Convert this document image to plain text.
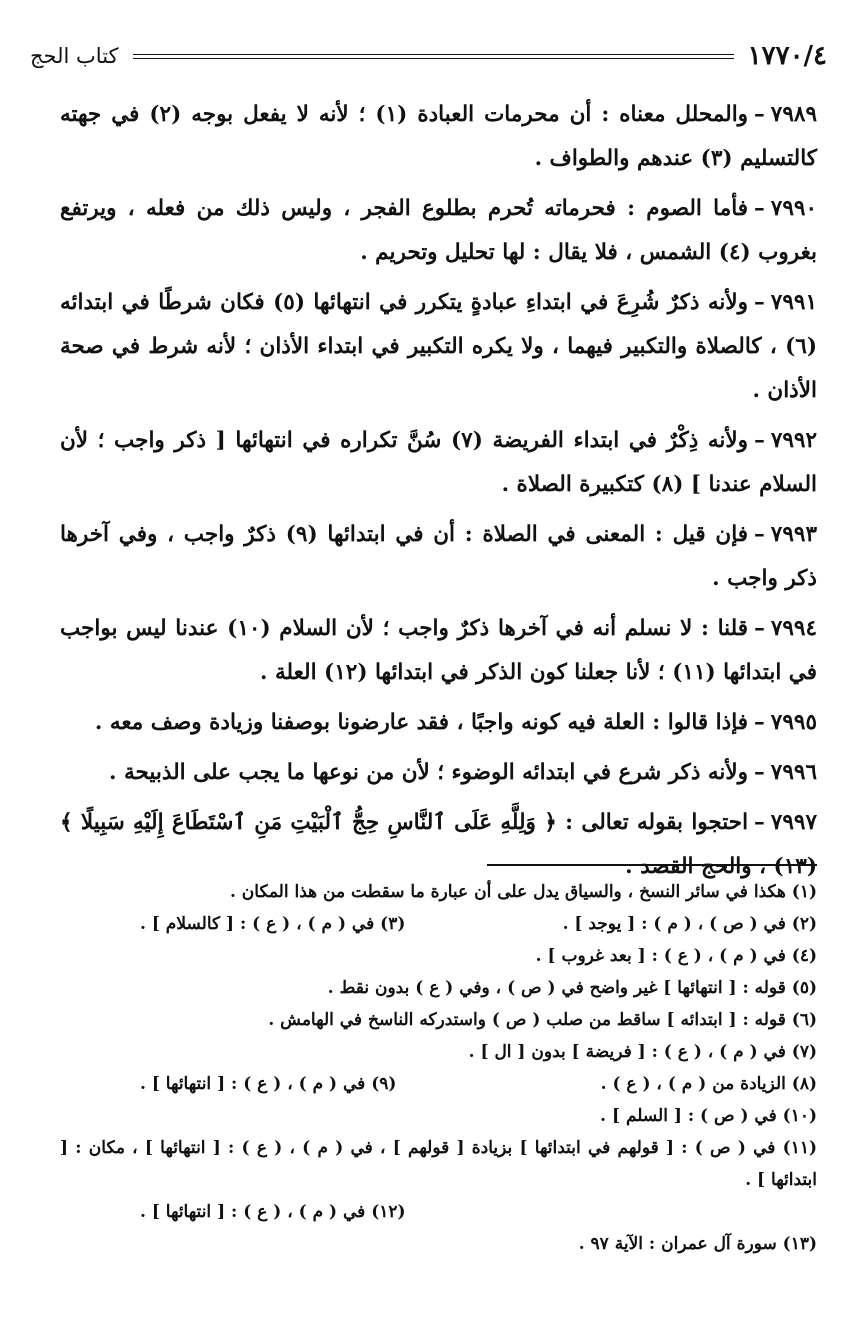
١٧٧٠/٤
كتاب الحج

٧٩٨٩–والمحلل معناه : أن محرمات العبادة (١) ؛ لأنه لا يفعل بوجه (٢) في جهته كالتسليم (٣) عندهم والطواف .

٧٩٩٠–فأما الصوم : فحرماته تُحرم بطلوع الفجر ، وليس ذلك من فعله ، ويرتفع بغروب (٤) الشمس ، فلا يقال : لها تحليل وتحريم .

٧٩٩١–ولأنه ذكرٌ شُرِعَ في ابتداءِ عبادةٍ يتكرر في انتهائها (٥) فكان شرطًا في ابتدائه (٦) ، كالصلاة والتكبير فيهما ، ولا يكره التكبير في ابتداء الأذان ؛ لأنه شرط في صحة الأذان .

٧٩٩٢–ولأنه ذِكْرٌ في ابتداء الفريضة (٧) سُنَّ تكراره في انتهائها [ ذكر واجب ؛ لأن السلام عندنا ] (٨) كتكبيرة الصلاة .

٧٩٩٣–فإن قيل : المعنى في الصلاة : أن في ابتدائها (٩) ذكرٌ واجب ، وفي آخرها ذكر واجب .

٧٩٩٤–قلنا : لا نسلم أنه في آخرها ذكرٌ واجب ؛ لأن السلام (١٠) عندنا ليس بواجب في ابتدائها (١١) ؛ لأنا جعلنا كون الذكر في ابتدائها (١٢) العلة .

٧٩٩٥–فإذا قالوا : العلة فيه كونه واجبًا ، فقد عارضونا بوصفنا وزيادة وصف معه .

٧٩٩٦–ولأنه ذكر شرع في ابتدائه الوضوء ؛ لأن من نوعها ما يجب على الذبيحة .

٧٩٩٧–احتجوا بقوله تعالى : ﴿ وَلِلَّهِ عَلَى ٱلنَّاسِ حِجُّ ٱلْبَيْتِ مَنِ ٱسْتَطَاعَ إِلَيْهِ سَبِيلًا ﴾ (١٣) ، والحج القصد .

(١) هكذا في سائر النسخ ، والسياق يدل على أن عبارة ما سقطت من هذا المكان .
(٢) في ( ص ) ، ( م ) : [ يوجد ] .
(٣) في ( م ) ، ( ع ) : [ كالسلام ] .
(٤) في ( م ) ، ( ع ) : [ بعد غروب ] .
(٥) قوله : [ انتهائها ] غير واضح في ( ص ) ، وفي ( ع ) بدون نقط .
(٦) قوله : [ ابتدائه ] ساقط من صلب ( ص ) واستدركه الناسخ في الهامش .
(٧) في ( م ) ، ( ع ) : [ فريضة ] بدون [ ال ] .
(٨) الزيادة من ( م ) ، ( ع ) .
(٩) في ( م ) ، ( ع ) : [ انتهائها ] .
(١٠) في ( ص ) : [ السلم ] .
(١١) في ( ص ) : [ قولهم في ابتدائها ] بزيادة [ قولهم ] ، في ( م ) ، ( ع ) : [ انتهائها ] ، مكان : [ ابتدائها ] .
(١٢) في ( م ) ، ( ع ) : [ انتهائها ] .
(١٣) سورة آل عمران : الآية ٩٧ .
